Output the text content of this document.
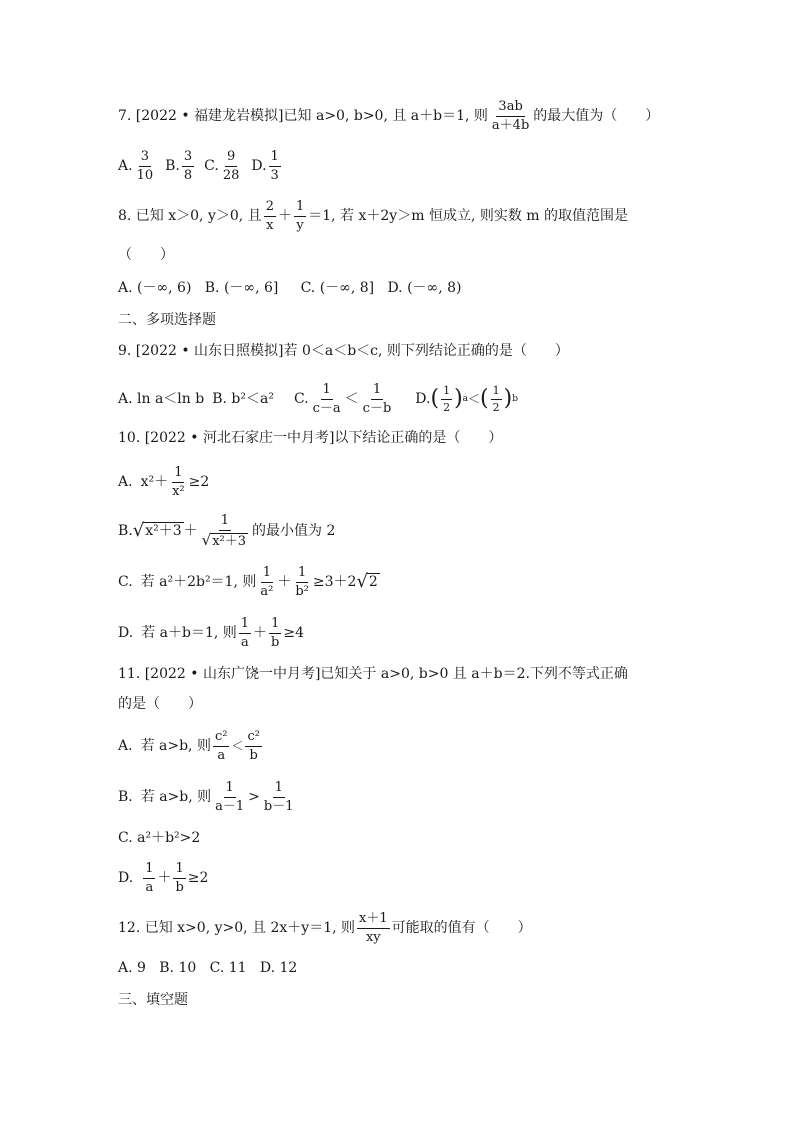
7. [2022 • 福建龙岩模拟]已知 a>0, b>0, 且 a＋b＝1, 则 $\frac{3ab}{a+4b}$ 的最大值为（　　）
A. $\frac{3}{10} B$. $\frac{3}{8} C$. $\frac{9}{28} D$. $\frac{1}{3}$
8. 已知 x＞0, y＞0, 且 $\frac{2}{x} + \frac{1}{y} =1$, 若 x＋2y＞m 恒成立, 则实数 m 的取值范围是
（　　）
A. (－∞, 6)   B. (－∞, 6]     C. (－∞, 8]   D. (－∞, 8)
二、多项选择题
9. [2022 • 山东日照模拟]若 0＜a＜b＜c, 则下列结论正确的是（　　）
A. ln a＜ln b B. b²＜a² C. $\frac{1}{c-a} < \frac{1}{c-b} D$. ( $\frac{1}{2}$ ) a ＜ ( $\frac{1}{2}$ ) b
10. [2022 • 河北石家庄一中月考]以下结论正确的是（　　）
A. $x^2+ \frac{1}{\text{x²}} \ge 2$
B. √ $x^2+3 + \frac{1}{\text{√ x²＋3}}$ 的最小值为 2
C. 若 a²＋2b²＝1, 则 $\frac{1}{\text{a²}} + \frac{1}{\text{b²}} \ge 3+2$ √ 2
D. 若 a＋b＝1, 则 $\frac{1}{a} + \frac{1}{b} \ge 4$
11. [2022 • 山东广饶一中月考]已知关于 a>0, b>0 且 a＋b＝2.下列不等式正确
的是（　　）
A. 若 a>b, 则 $\frac{\text{c²}}{a} < \frac{\text{c²}}{b}$
B. 若 a>b, 则 $\frac{1}{a-1} > \frac{1}{b-1}$
C. a²＋b²>2
D. $\frac{1}{a} + \frac{1}{b} \ge 2$
12. 已知 x>0, y>0, 且 2x＋y＝1, 则 $\frac{x+1}{xy}$ 可能取的值有（　　）
A. 9   B. 10   C. 11   D. 12
三、填空题
